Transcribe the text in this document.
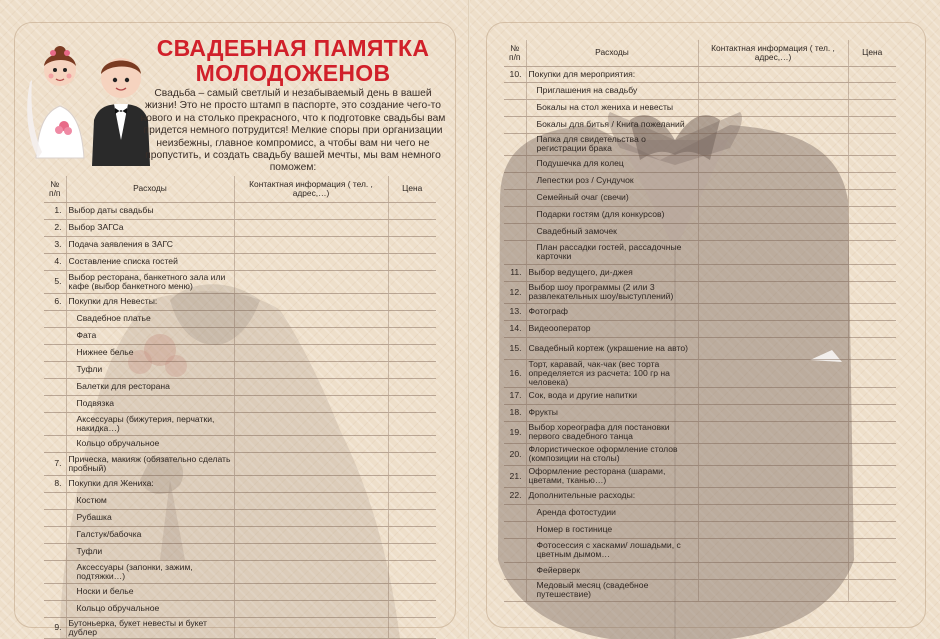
СВАДЕБНАЯ ПАМЯТКА
МОЛОДОЖЕНОВ
Свадьба – самый светлый и незабываемый день в вашей жизни! Это не просто штамп в паспорте, это создание чего-то нового и на столько прекрасного, что к подготовке свадьбы вам придется немного потрудится! Мелкие споры при организации неизбежны, главное компромисс, а чтобы вам ни чего не пропустить, и создать свадьбу вашей мечты, мы вам немного поможем:
№ п/п	Расходы	Контактная информация ( тел. , адрес,…)	Цена
1.	Выбор даты свадьбы		
2.	Выбор ЗАГСа		
3.	Подача заявления в ЗАГС		
4.	Составление списка гостей		
5.	Выбор ресторана, банкетного зала или кафе (выбор банкетного меню)		
6.	Покупки для Невесты:		
	Свадебное платье		
	Фата		
	Нижнее белье		
	Туфли		
	Балетки для ресторана		
	Подвязка		
	Аксессуары (бижутерия, перчатки, накидка…)		
	Кольцо обручальное		
7.	Прическа, макияж (обязательно сделать пробный)		
8.	Покупки для Жениха:		
	Костюм		
	Рубашка		
	Галстук/бабочка		
	Туфли		
	Аксессуары (запонки, зажим, подтяжки…)		
	Носки и белье		
	Кольцо обручальное		
9.	Бутоньерка, букет невесты и букет дублер		
№ п/п	Расходы	Контактная информация ( тел. , адрес,…)	Цена
10.	Покупки для мероприятия:		
	Приглашения на свадьбу		
	Бокалы на стол жениха и невесты		
	Бокалы для битья / Книга пожеланий		
	Папка для свидетельства о регистрации брака		
	Подушечка для колец		
	Лепестки роз / Сундучок		
	Семейный очаг (свечи)		
	Подарки гостям (для конкурсов)		
	Свадебный замочек		
	План рассадки гостей, рассадочные карточки		
11.	Выбор ведущего, ди-джея		
12.	Выбор шоу программы (2 или 3 развлекательных шоу/выступлений)		
13.	Фотограф		
14.	Видеооператор		
15.	Свадебный кортеж (украшение на авто)		
16.	Торт, каравай, чак-чак (вес торта определяется из расчета: 100 гр на человека)		
17.	Сок, вода и другие напитки		
18.	Фрукты		
19.	Выбор хореографа для постановки первого свадебного танца		
20.	Флористическое оформление столов (композиции на столы)		
21.	Оформление ресторана (шарами, цветами, тканью…)		
22.	Дополнительные расходы:		
	Аренда фотостудии		
	Номер в гостинице		
	Фотосессия с хасками/ лошадьми, с цветным дымом…		
	Фейерверк		
	Медовый месяц (свадебное путешествие)		
